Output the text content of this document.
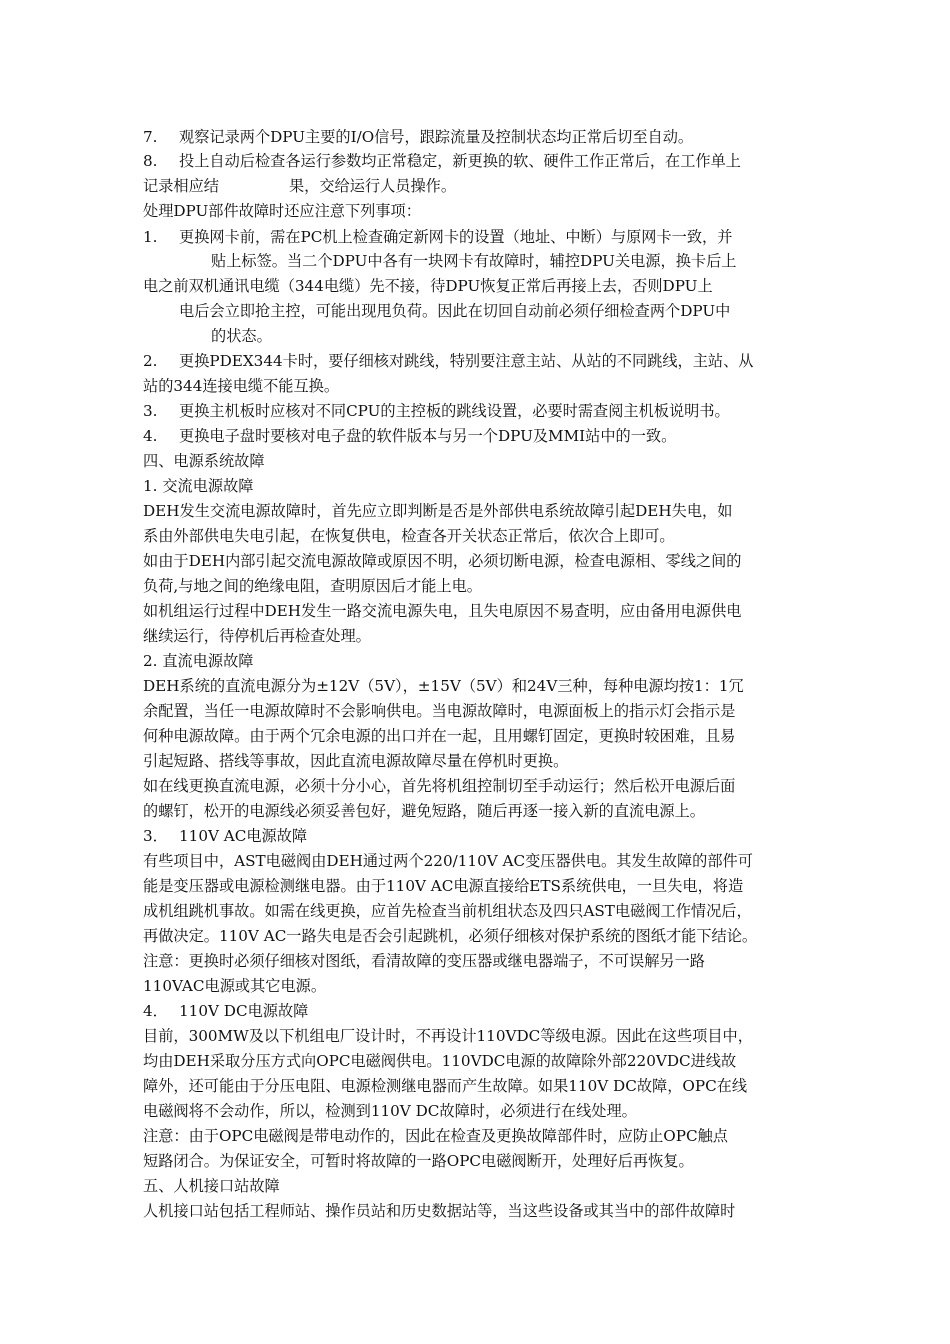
7. 观察记录两个DPU主要的I/O信号，跟踪流量及控制状态均正常后切至自动。
8. 投上自动后检查各运行参数均正常稳定，新更换的软、硬件工作正常后，在工作单上
记录相应结	果，交给运行人员操作。
处理DPU部件故障时还应注意下列事项：
1. 更换网卡前，需在PC机上检查确定新网卡的设置（地址、中断）与原网卡一致，并
贴上标签。当二个DPU中各有一块网卡有故障时，辅控DPU关电源，换卡后上
电之前双机通讯电缆（344电缆）先不接，待DPU恢复正常后再接上去，否则DPU上
电后会立即抢主控，可能出现甩负荷。因此在切回自动前必须仔细检查两个DPU中
的状态。
2. 更换PDEX344卡时，要仔细核对跳线，特别要注意主站、从站的不同跳线，主站、从
站的344连接电缆不能互换。
3. 更换主机板时应核对不同CPU的主控板的跳线设置，必要时需查阅主机板说明书。
4. 更换电子盘时要核对电子盘的软件版本与另一个DPU及MMI站中的一致。
四、电源系统故障
1. 交流电源故障
DEH发生交流电源故障时，首先应立即判断是否是外部供电系统故障引起DEH失电，如
系由外部供电失电引起，在恢复供电，检查各开关状态正常后，依次合上即可。
如由于DEH内部引起交流电源故障或原因不明，必须切断电源，检查电源相、零线之间的
负荷,与地之间的绝缘电阻，查明原因后才能上电。
如机组运行过程中DEH发生一路交流电源失电，且失电原因不易查明，应由备用电源供电
继续运行，待停机后再检查处理。
2. 直流电源故障
DEH系统的直流电源分为±12V（5V），±15V（5V）和24V三种，每种电源均按1：1冗
余配置，当任一电源故障时不会影响供电。当电源故障时，电源面板上的指示灯会指示是
何种电源故障。由于两个冗余电源的出口并在一起，且用螺钉固定，更换时较困难，且易
引起短路、搭线等事故，因此直流电源故障尽量在停机时更换。
如在线更换直流电源，必须十分小心，首先将机组控制切至手动运行；然后松开电源后面
的螺钉，松开的电源线必须妥善包好，避免短路，随后再逐一接入新的直流电源上。
3． 110V AC电源故障
有些项目中，AST电磁阀由DEH通过两个220/110V AC变压器供电。其发生故障的部件可
能是变压器或电源检测继电器。由于110V AC电源直接给ETS系统供电，一旦失电，将造
成机组跳机事故。如需在线更换，应首先检查当前机组状态及四只AST电磁阀工作情况后，
再做决定。110V AC一路失电是否会引起跳机，必须仔细核对保护系统的图纸才能下结论。
注意：更换时必须仔细核对图纸，看清故障的变压器或继电器端子，不可误解另一路
110VAC电源或其它电源。
4． 110V DC电源故障
目前，300MW及以下机组电厂设计时，不再设计110VDC等级电源。因此在这些项目中，
均由DEH采取分压方式向OPC电磁阀供电。110VDC电源的故障除外部220VDC进线故
障外，还可能由于分压电阻、电源检测继电器而产生故障。如果110V DC故障，OPC在线
电磁阀将不会动作，所以，检测到110V DC故障时，必须进行在线处理。
注意：由于OPC电磁阀是带电动作的，因此在检查及更换故障部件时，应防止OPC触点
短路闭合。为保证安全，可暂时将故障的一路OPC电磁阀断开，处理好后再恢复。
五、人机接口站故障
人机接口站包括工程师站、操作员站和历史数据站等，当这些设备或其当中的部件故障时
